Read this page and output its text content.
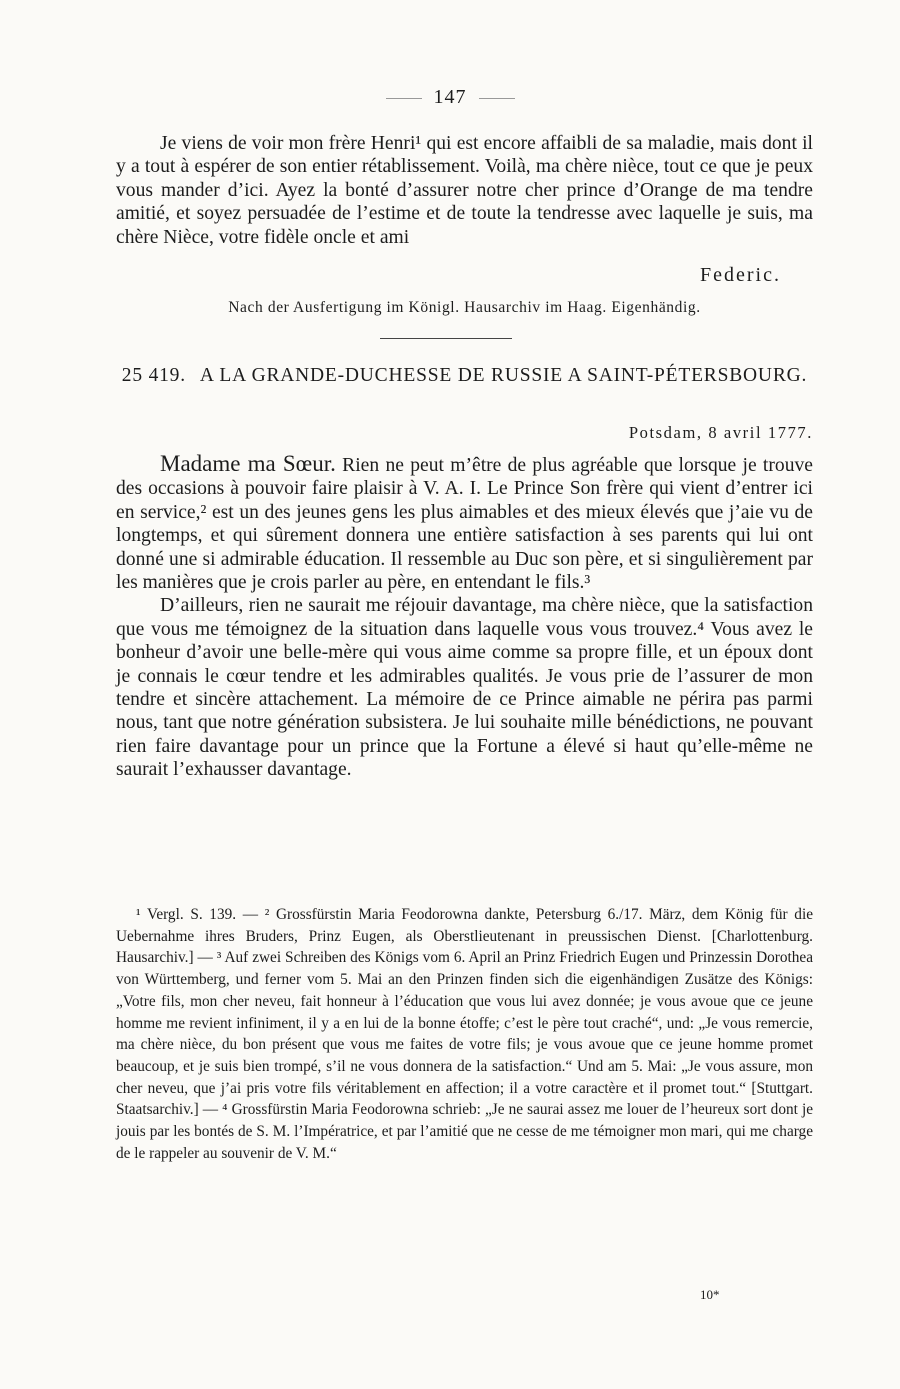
147

Je viens de voir mon frère Henri¹ qui est encore affaibli de sa maladie, mais dont il y a tout à espérer de son entier rétablissement. Voilà, ma chère nièce, tout ce que je peux vous mander d’ici. Ayez la bonté d’assurer notre cher prince d’Orange de ma tendre amitié, et soyez persuadée de l’estime et de toute la tendresse avec laquelle je suis, ma chère Nièce, votre fidèle oncle et ami

Federic.
Nach der Ausfertigung im Königl. Hausarchiv im Haag. Eigenhändig.
25 419. A LA GRANDE-DUCHESSE DE RUSSIE A SAINT-PÉTERSBOURG.
Potsdam, 8 avril 1777.

Madame ma Sœur. Rien ne peut m’être de plus agréable que lorsque je trouve des occasions à pouvoir faire plaisir à V. A. I. Le Prince Son frère qui vient d’entrer ici en service,² est un des jeunes gens les plus aimables et des mieux élevés que j’aie vu de longtemps, et qui sûrement donnera une entière satisfaction à ses parents qui lui ont donné une si admirable éducation. Il ressemble au Duc son père, et si singulièrement par les manières que je crois parler au père, en entendant le fils.³

D’ailleurs, rien ne saurait me réjouir davantage, ma chère nièce, que la satisfaction que vous me témoignez de la situation dans laquelle vous vous trouvez.⁴ Vous avez le bonheur d’avoir une belle-mère qui vous aime comme sa propre fille, et un époux dont je connais le cœur tendre et les admirables qualités. Je vous prie de l’assurer de mon tendre et sincère attachement. La mémoire de ce Prince aimable ne périra pas parmi nous, tant que notre génération subsistera. Je lui souhaite mille bénédictions, ne pouvant rien faire davantage pour un prince que la Fortune a élevé si haut qu’elle-même ne saurait l’exhausser davantage.

¹ Vergl. S. 139. — ² Grossfürstin Maria Feodorowna dankte, Petersburg 6./17. März, dem König für die Uebernahme ihres Bruders, Prinz Eugen, als Oberstlieutenant in preussischen Dienst. [Charlottenburg. Hausarchiv.] — ³ Auf zwei Schreiben des Königs vom 6. April an Prinz Friedrich Eugen und Prinzessin Dorothea von Württemberg, und ferner vom 5. Mai an den Prinzen finden sich die eigenhändigen Zusätze des Königs: „Votre fils, mon cher neveu, fait honneur à l’éducation que vous lui avez donnée; je vous avoue que ce jeune homme me revient infiniment, il y a en lui de la bonne étoffe; c’est le père tout craché“, und: „Je vous remercie, ma chère nièce, du bon présent que vous me faites de votre fils; je vous avoue que ce jeune homme promet beaucoup, et je suis bien trompé, s’il ne vous donnera de la satisfaction.“ Und am 5. Mai: „Je vous assure, mon cher neveu, que j’ai pris votre fils véritablement en affection; il a votre caractère et il promet tout.“ [Stuttgart. Staatsarchiv.] — ⁴ Grossfürstin Maria Feodorowna schrieb: „Je ne saurai assez me louer de l’heureux sort dont je jouis par les bontés de S. M. l’Impératrice, et par l’amitié que ne cesse de me témoigner mon mari, qui me charge de le rappeler au souvenir de V. M.“

10*
